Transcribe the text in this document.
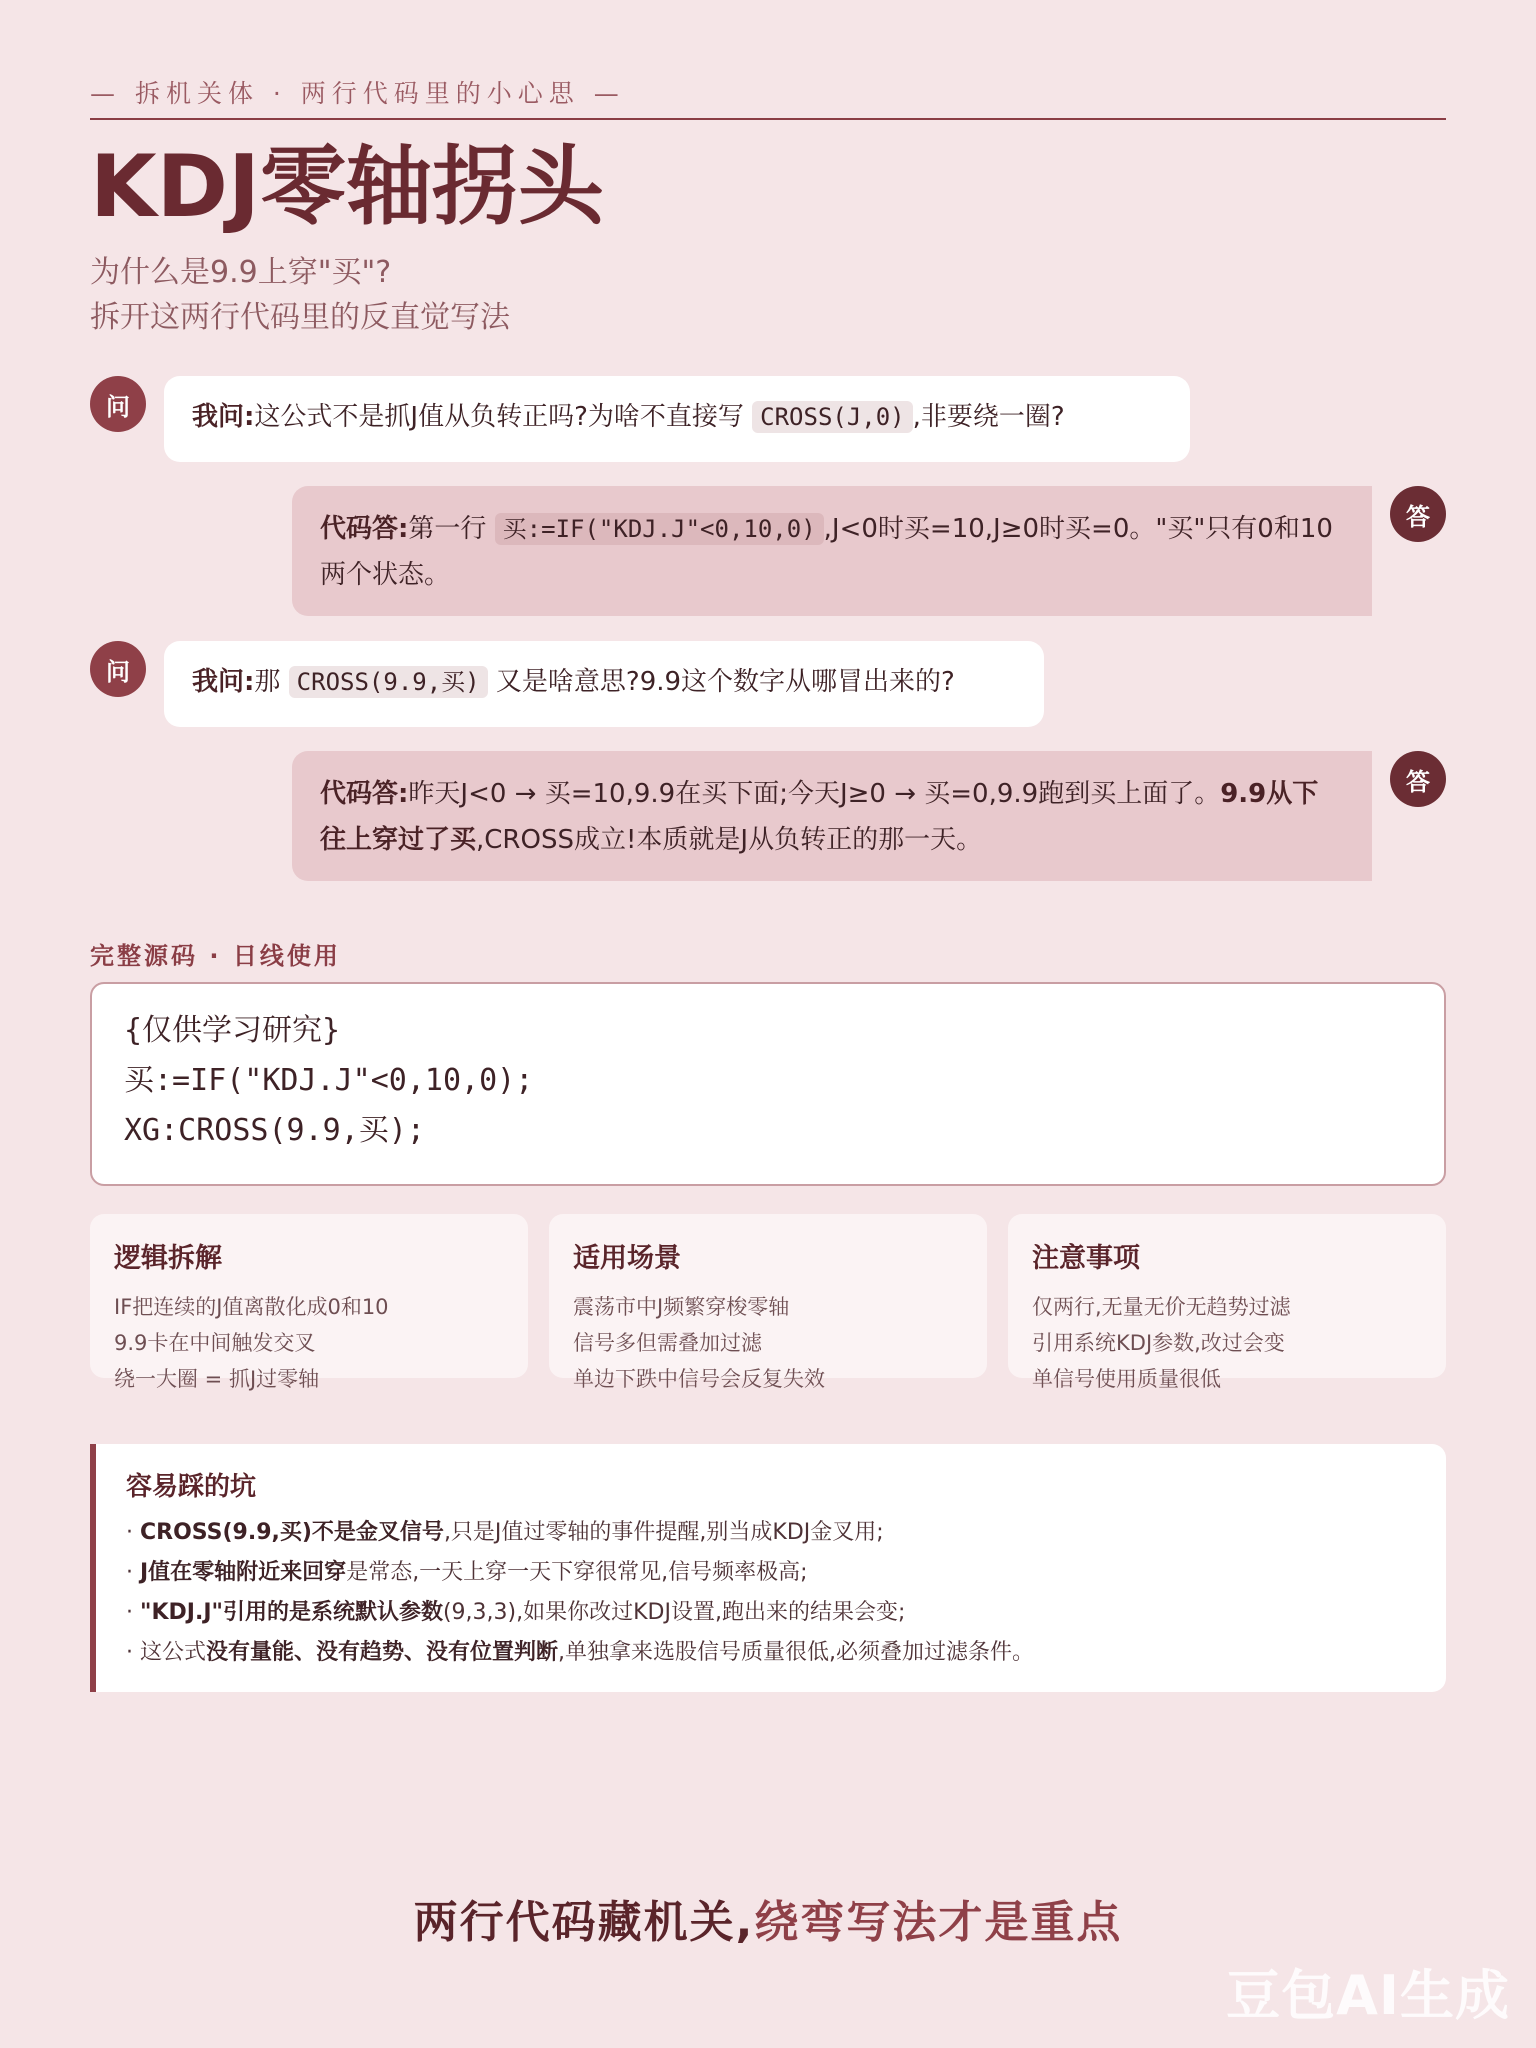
— 拆机关体 · 两行代码里的小心思 —
KDJ零轴拐头
为什么是9.9上穿"买"?
拆开这两行代码里的反直觉写法
问	我问:这公式不是抓J值从负转正吗?为啥不直接写 CROSS(J,0) ,非要绕一圈?
代码答:第一行 买:=IF("KDJ.J"<0,10,0) ,J<0时买=10,J≥0时买=0。"买"只有0和10两个状态。
答
问	我问:那 CROSS(9.9,买) 又是啥意思?9.9这个数字从哪冒出来的?
代码答:昨天J<0 → 买=10,9.9在买下面;今天J≥0 → 买=0,9.9跑到买上面了。9.9从下往上穿过了买,CROSS成立!本质就是J从负转正的那一天。
答
完整源码 · 日线使用
{仅供学习研究}
买:=IF("KDJ.J"<0,10,0);
XG:CROSS(9.9,买);
逻辑拆解

IF把连续的J值离散化成0和10

9.9卡在中间触发交叉

绕一大圈 = 抓J过零轴

适用场景

震荡市中J频繁穿梭零轴

信号多但需叠加过滤

单边下跌中信号会反复失效

注意事项

仅两行,无量无价无趋势过滤

引用系统KDJ参数,改过会变

单信号使用质量很低

容易踩的坑
· CROSS(9.9,买)不是金叉信号,只是J值过零轴的事件提醒,别当成KDJ金叉用;
· J值在零轴附近来回穿是常态,一天上穿一天下穿很常见,信号频率极高;
· "KDJ.J"引用的是系统默认参数(9,3,3),如果你改过KDJ设置,跑出来的结果会变;
· 这公式没有量能、没有趋势、没有位置判断,单独拿来选股信号质量很低,必须叠加过滤条件。
两行代码藏机关,绕弯写法才是重点
豆包AI生成
